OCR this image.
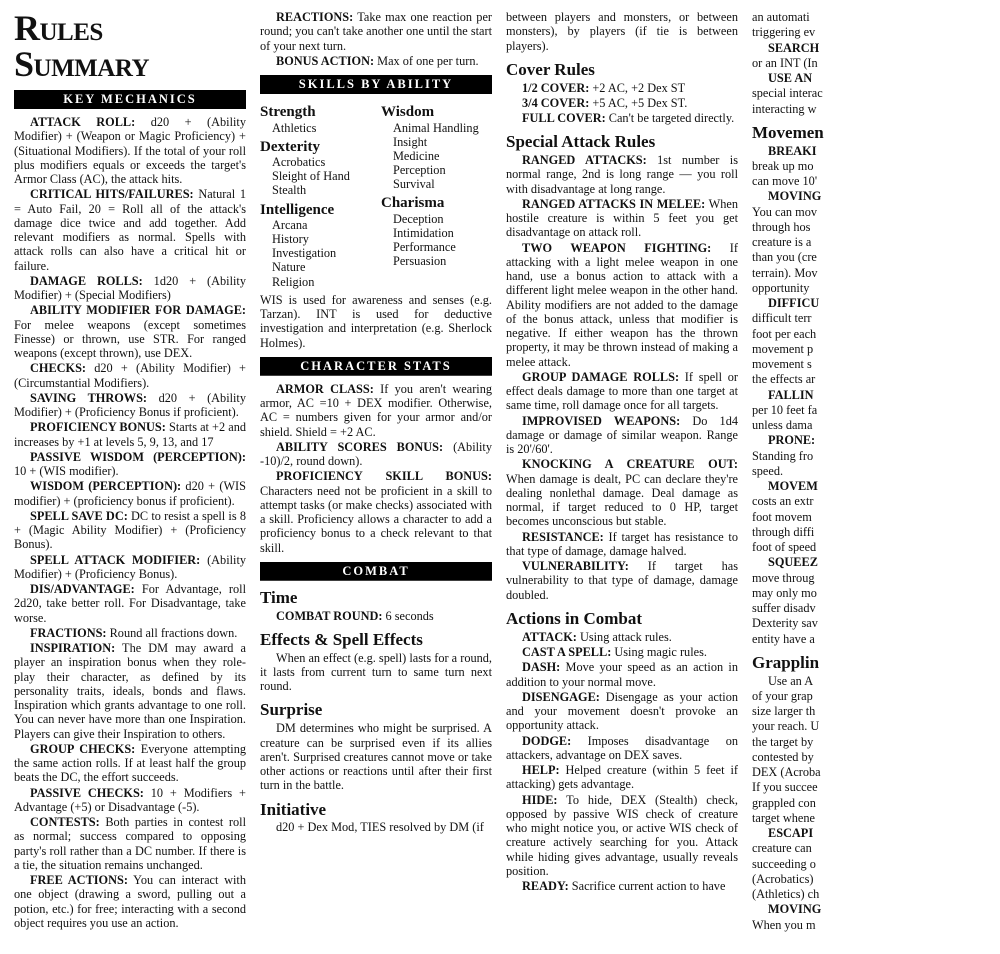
Rules Summary
KEY MECHANICS

ATTACK ROLL: d20 + (Ability Modifier) + (Weapon or Magic Proficiency) + (Situational Modifiers). If the total of your roll plus modifiers equals or exceeds the target's Armor Class (AC), the attack hits.

CRITICAL HITS/FAILURES: Natural 1 = Auto Fail, 20 = Roll all of the attack's damage dice twice and add together. Add relevant modifiers as normal. Spells with attack rolls can also have a critical hit or failure.

DAMAGE ROLLS: 1d20 + (Ability Modifier) + (Special Modifiers)

ABILITY MODIFIER FOR DAMAGE: For melee weapons (except sometimes Finesse) or thrown, use STR. For ranged weapons (except thrown), use DEX.

CHECKS: d20 + (Ability Modifier) + (Circumstantial Modifiers).

SAVING THROWS: d20 + (Ability Modifier) + (Proficiency Bonus if proficient).

PROFICIENCY BONUS: Starts at +2 and increases by +1 at levels 5, 9, 13, and 17

PASSIVE WISDOM (PERCEPTION): 10 + (WIS modifier).

WISDOM (PERCEPTION): d20 + (WIS modifier) + (proficiency bonus if proficient).

SPELL SAVE DC: DC to resist a spell is 8 + (Magic Ability Modifier) + (Proficiency Bonus).

SPELL ATTACK MODIFIER: (Ability Modifier) + (Proficiency Bonus).

DIS/ADVANTAGE: For Advantage, roll 2d20, take better roll. For Disadvantage, take worse.

FRACTIONS: Round all fractions down.

INSPIRATION: The DM may award a player an inspiration bonus when they role-play their character, as defined by its personality traits, ideals, bonds and flaws. Inspiration which grants advantage to one roll. You can never have more than one Inspiration. Players can give their Inspiration to others.

GROUP CHECKS: Everyone attempting the same action rolls. If at least half the group beats the DC, the effort succeeds.

PASSIVE CHECKS: 10 + Modifiers + Advantage (+5) or Disadvantage (-5).

CONTESTS: Both parties in contest roll as normal; success compared to opposing party's roll rather than a DC number. If there is a tie, the situation remains unchanged.

FREE ACTIONS: You can interact with one object (drawing a sword, pulling out a potion, etc.) for free; interacting with a second object requires you use an action.

REACTIONS: Take max one reaction per round; you can't take another one until the start of your next turn.

BONUS ACTION: Max of one per turn.

SKILLS BY ABILITY
Strength
Athletics
Dexterity
Acrobatics
Sleight of Hand
Stealth
Intelligence
Arcana
History
Investigation
Nature
Religion
Wisdom
Animal Handling
Insight
Medicine
Perception
Survival
Charisma
Deception
Intimidation
Performance
Persuasion

WIS is used for awareness and senses (e.g. Tarzan). INT is used for deductive investigation and interpretation (e.g. Sherlock Holmes).

CHARACTER STATS

ARMOR CLASS: If you aren't wearing armor, AC =10 + DEX modifier. Otherwise, AC = numbers given for your armor and/or shield. Shield = +2 AC.

ABILITY SCORES BONUS: (Ability -10)/2, round down).

PROFICIENCY SKILL BONUS: Characters need not be proficient in a skill to attempt tasks (or make checks) associated with a skill. Proficiency allows a character to add a proficiency bonus to a check relevant to that skill.

COMBAT
Time

COMBAT ROUND: 6 seconds

Effects & Spell Effects

When an effect (e.g. spell) lasts for a round, it lasts from current turn to same turn next round.

Surprise

DM determines who might be surprised. A creature can be surprised even if its allies aren't. Surprised creatures cannot move or take other actions or reactions until after their first turn in the battle.

Initiative

d20 + Dex Mod, TIES resolved by DM (if

between players and monsters, or between monsters), by players (if tie is between players).

Cover Rules

1/2 COVER: +2 AC, +2 Dex ST

3/4 COVER: +5 AC, +5 Dex ST.

FULL COVER: Can't be targeted directly.

Special Attack Rules

RANGED ATTACKS: 1st number is normal range, 2nd is long range — you roll with disadvantage at long range.

RANGED ATTACKS IN MELEE: When hostile creature is within 5 feet you get disadvantage on attack roll.

TWO WEAPON FIGHTING: If attacking with a light melee weapon in one hand, use a bonus action to attack with a different light melee weapon in the other hand. Ability modifiers are not added to the damage of the bonus attack, unless that modifier is negative. If either weapon has the thrown property, it may be thrown instead of making a melee attack.

GROUP DAMAGE ROLLS: If spell or effect deals damage to more than one target at same time, roll damage once for all targets.

IMPROVISED WEAPONS: Do 1d4 damage or damage of similar weapon. Range is 20'/60'.

KNOCKING A CREATURE OUT: When damage is dealt, PC can declare they're dealing nonlethal damage. Deal damage as normal, if target reduced to 0 HP, target becomes unconscious but stable.

RESISTANCE: If target has resistance to that type of damage, damage halved.

VULNERABILITY: If target has vulnerability to that type of damage, damage doubled.

Actions in Combat

ATTACK: Using attack rules.

CAST A SPELL: Using magic rules.

DASH: Move your speed as an action in addition to your normal move.

DISENGAGE: Disengage as your action and your movement doesn't provoke an opportunity attack.

DODGE: Imposes disadvantage on attackers, advantage on DEX saves.

HELP: Helped creature (within 5 feet if attacking) gets advantage.

HIDE: To hide, DEX (Stealth) check, opposed by passive WIS check of creature who might notice you, or active WIS check of creature actively searching for you. Attack while hiding gives advantage, usually reveals position.

READY: Sacrifice current action to have

an automati

triggering ev

SEARCH

or an INT (In

USE AN

special interac

interacting w

Movemen

BREAKI

break up mo

can move 10'

MOVING

You can mov

through hos

creature is a

than you (cre

terrain). Mov

opportunity

DIFFICU

difficult terr

foot per each

movement p

movement s

the effects ar

FALLIN

per 10 feet fa

unless dama

PRONE:

Standing fro

speed.

MOVEM

costs an extr

foot movem

through diffi

foot of speed

SQUEEZ

move throug

may only mo

suffer disadv

Dexterity sav

entity have a

Grapplin

Use an A

of your grap

size larger th

your reach. U

the target by

contested by

DEX (Acroba

If you succee

grappled con

target whene

ESCAPI

creature can

succeeding o

(Acrobatics)

(Athletics) ch

MOVING

When you m
